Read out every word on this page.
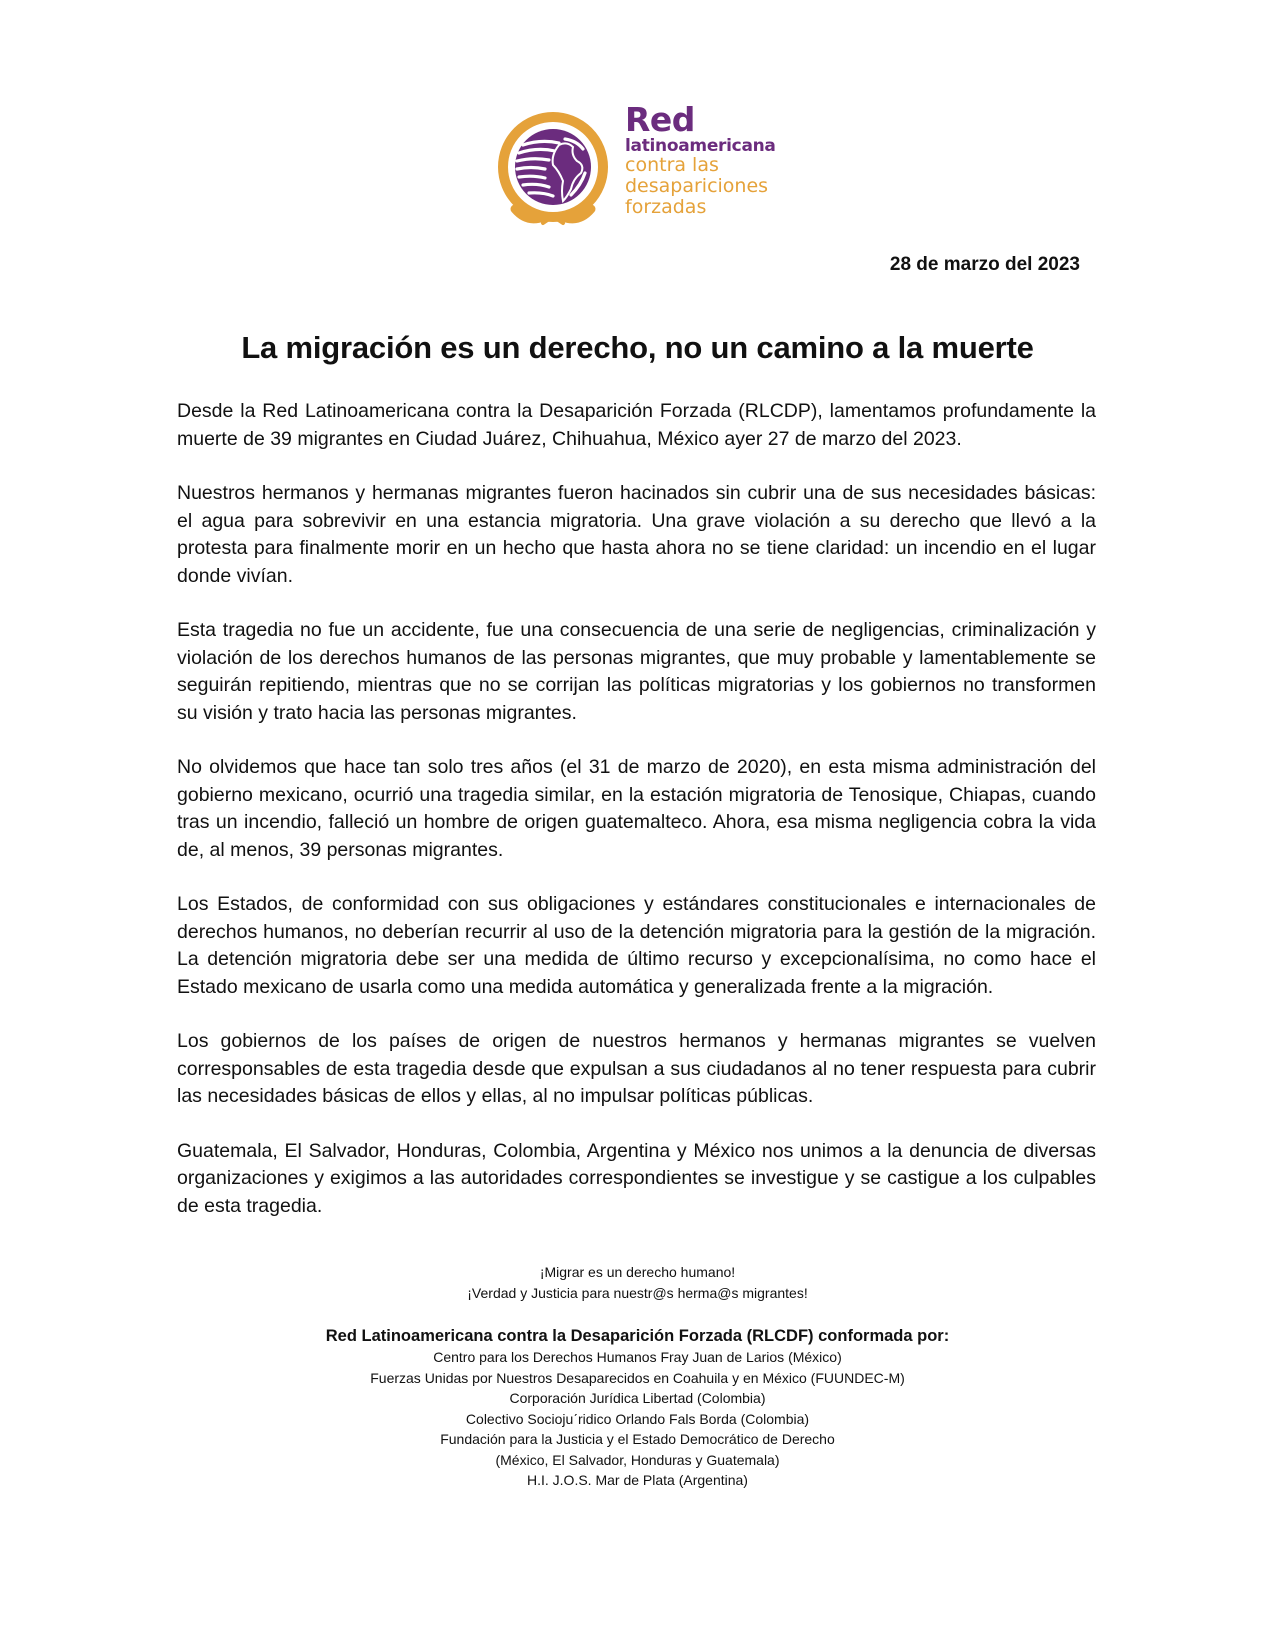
Red
latinoamericana
contra las
desapariciones
forzadas
28 de marzo del 2023
La migración es un derecho, no un camino a la muerte

Desde la Red Latinoamericana contra la Desaparición Forzada (RLCDP), lamentamos profundamente la muerte de 39 migrantes en Ciudad Juárez, Chihuahua, México ayer 27 de marzo del 2023.

Nuestros hermanos y hermanas migrantes fueron hacinados sin cubrir una de sus necesidades básicas: el agua para sobrevivir en una estancia migratoria. Una grave violación a su derecho que llevó a la protesta para finalmente morir en un hecho que hasta ahora no se tiene claridad: un incendio en el lugar donde vivían.

Esta tragedia no fue un accidente, fue una consecuencia de una serie de negligencias, criminalización y violación de los derechos humanos de las personas migrantes, que muy probable y lamentablemente se seguirán repitiendo, mientras que no se corrijan las políticas migratorias y los gobiernos no transformen su visión y trato hacia las personas migrantes.

No olvidemos que hace tan solo tres años (el 31 de marzo de 2020), en esta misma administración del gobierno mexicano, ocurrió una tragedia similar, en la estación migratoria de Tenosique, Chiapas, cuando tras un incendio, falleció un hombre de origen guatemalteco. Ahora, esa misma negligencia cobra la vida de, al menos, 39 personas migrantes.

Los Estados, de conformidad con sus obligaciones y estándares constitucionales e internacionales de derechos humanos, no deberían recurrir al uso de la detención migratoria para la gestión de la migración. La detención migratoria debe ser una medida de último recurso y excepcionalísima, no como hace el Estado mexicano de usarla como una medida automática y generalizada frente a la migración.

Los gobiernos de los países de origen de nuestros hermanos y hermanas migrantes se vuelven corresponsables de esta tragedia desde que expulsan a sus ciudadanos al no tener respuesta para cubrir las necesidades básicas de ellos y ellas, al no impulsar políticas públicas.

Guatemala, El Salvador, Honduras, Colombia, Argentina y México nos unimos a la denuncia de diversas organizaciones y exigimos a las autoridades correspondientes se investigue y se castigue a los culpables de esta tragedia.

¡Migrar es un derecho humano!
¡Verdad y Justicia para nuestr@s herma@s migrantes!
Red Latinoamericana contra la Desaparición Forzada (RLCDF) conformada por:
Centro para los Derechos Humanos Fray Juan de Larios (México)
Fuerzas Unidas por Nuestros Desaparecidos en Coahuila y en México (FUUNDEC-M)
Corporación Jurídica Libertad (Colombia)
Colectivo Sociojuˊridico Orlando Fals Borda (Colombia)
Fundación para la Justicia y el Estado Democrático de Derecho
(México, El Salvador, Honduras y Guatemala)
H.I. J.O.S. Mar de Plata (Argentina)
